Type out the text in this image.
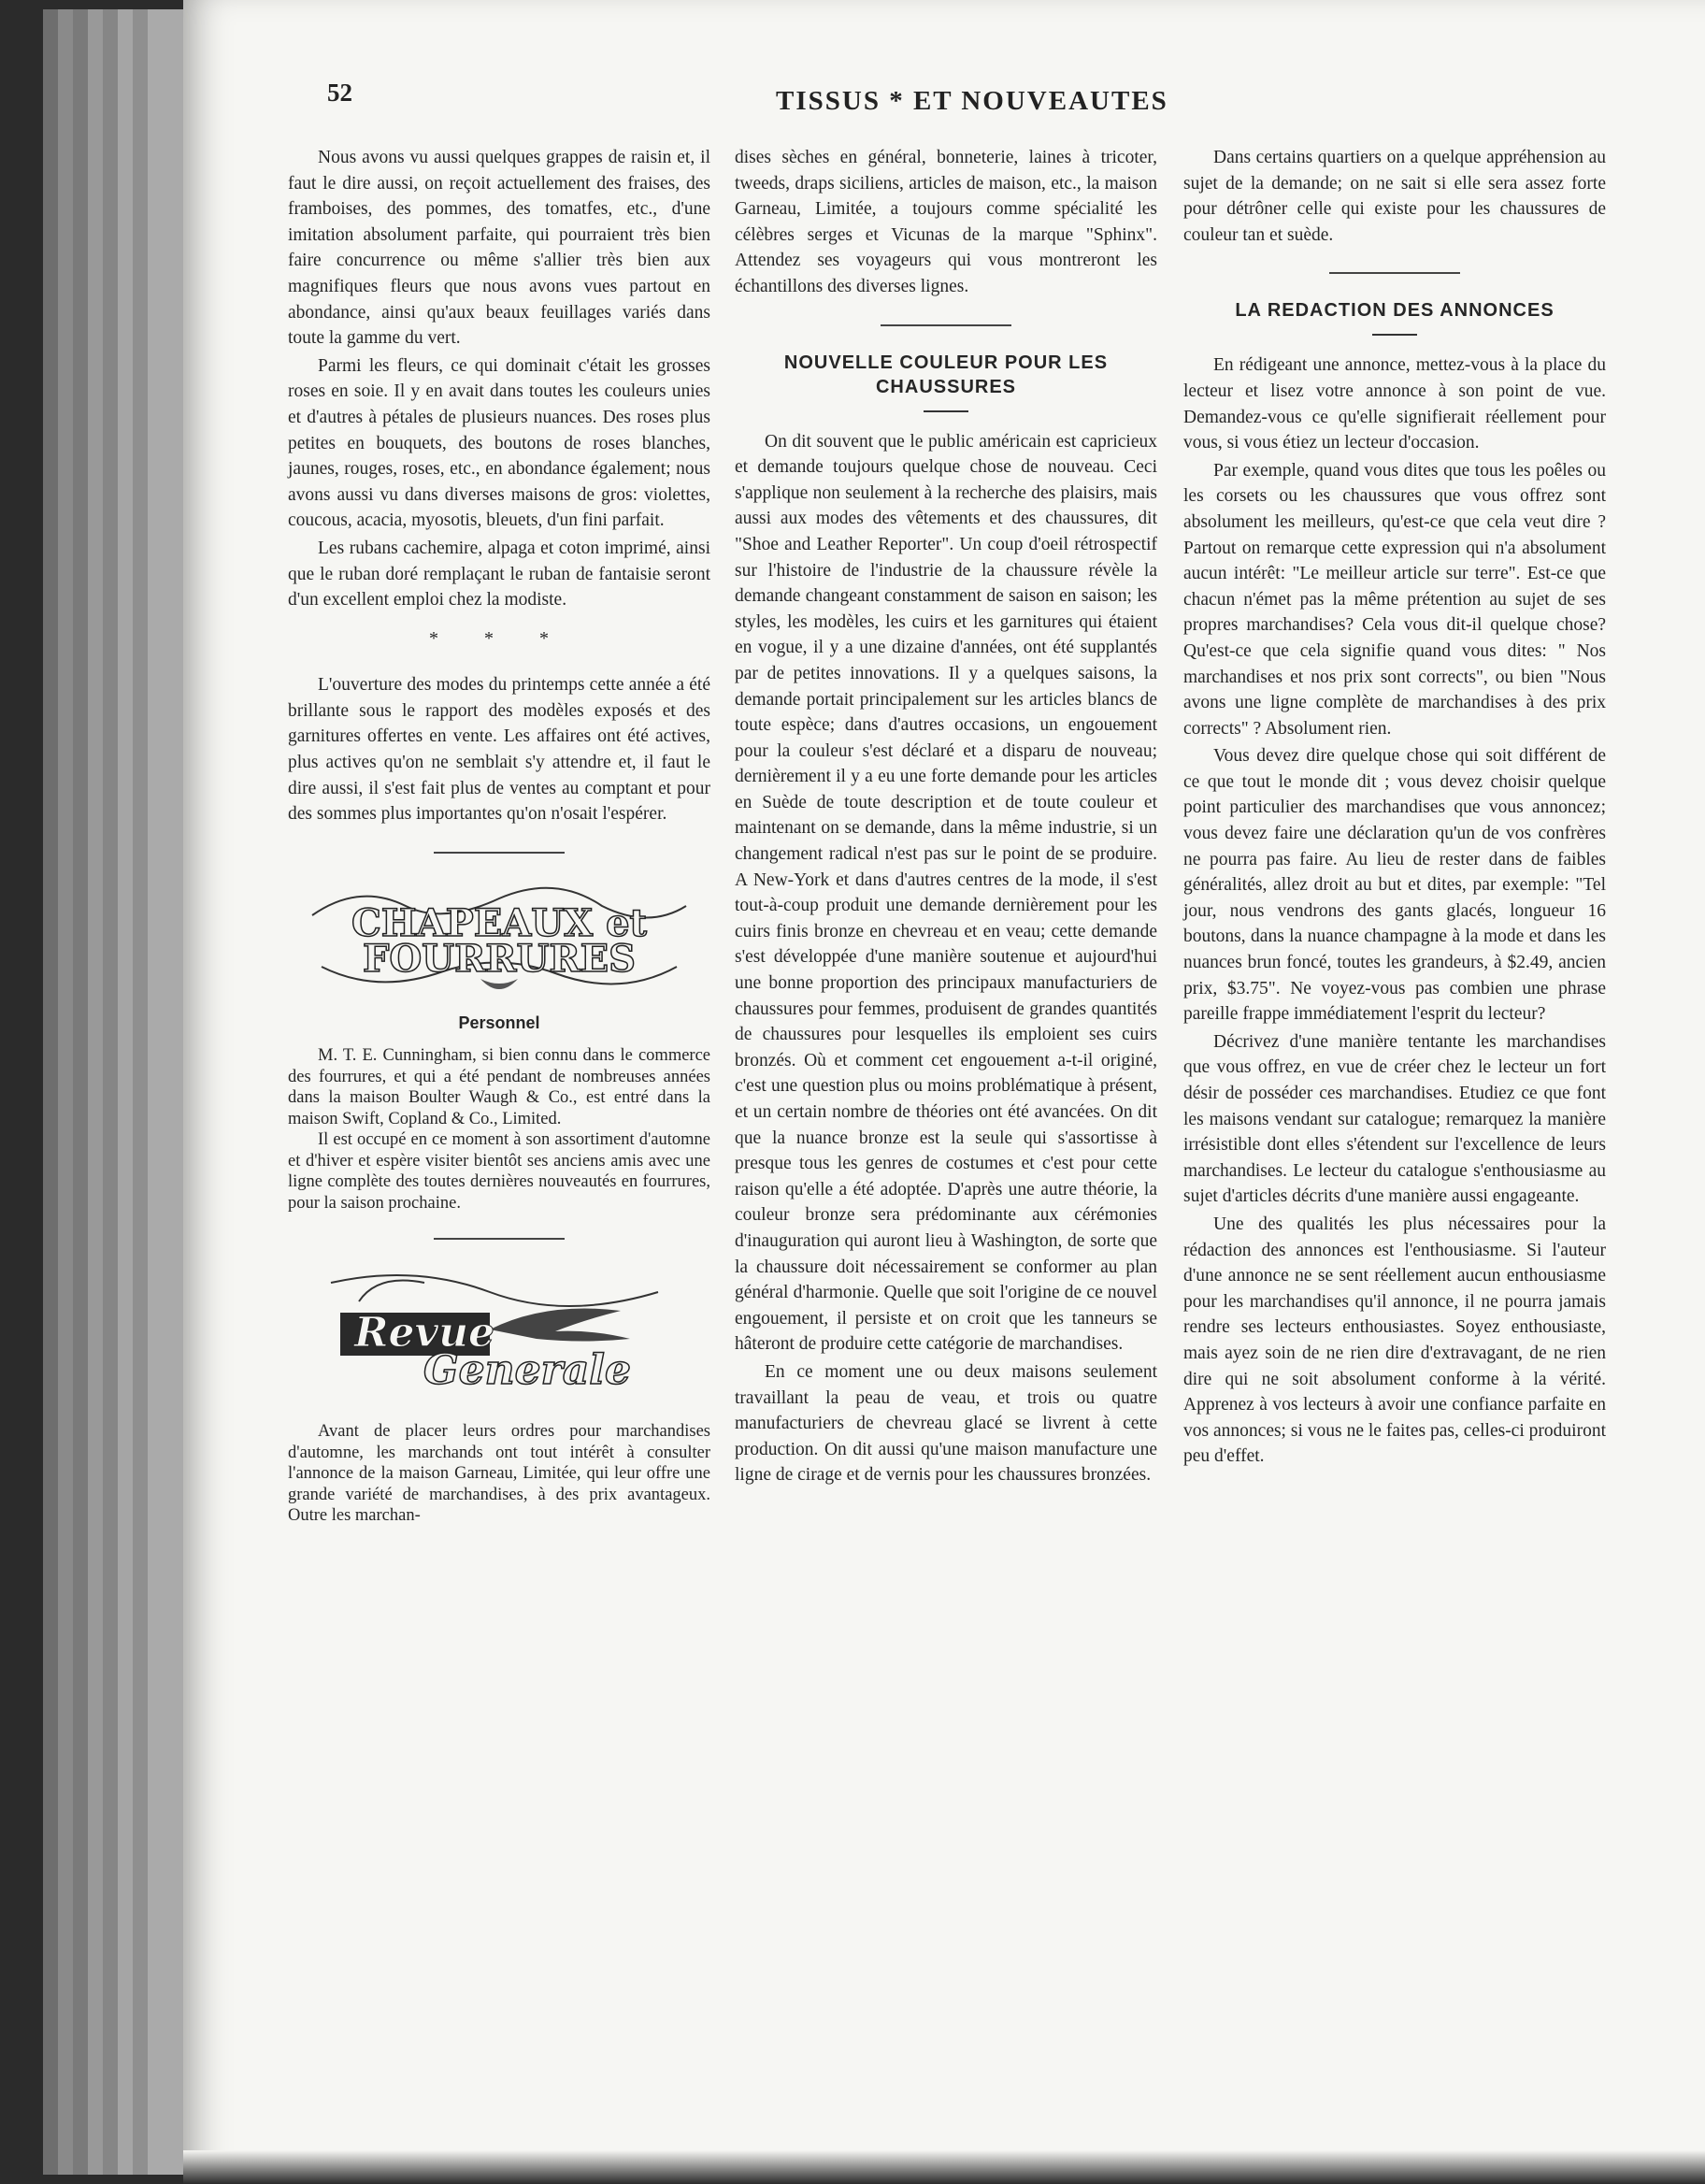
52	TISSUS * ET NOUVEAUTES

Nous avons vu aussi quelques grappes de raisin et, il faut le dire aussi, on reçoit actuellement des fraises, des framboises, des pommes, des tomatfes, etc., d'une imitation absolument parfaite, qui pourraient très bien faire concurrence ou même s'allier très bien aux magnifiques fleurs que nous avons vues partout en abondance, ainsi qu'aux beaux feuillages variés dans toute la gamme du vert.

Parmi les fleurs, ce qui dominait c'était les grosses roses en soie. Il y en avait dans toutes les couleurs unies et d'autres à pétales de plusieurs nuances. Des roses plus petites en bouquets, des boutons de roses blanches, jaunes, rouges, roses, etc., en abondance également; nous avons aussi vu dans diverses maisons de gros: violettes, coucous, acacia, myosotis, bleuets, d'un fini parfait.

Les rubans cachemire, alpaga et coton imprimé, ainsi que le ruban doré remplaçant le ruban de fantaisie seront d'un excellent emploi chez la modiste.

* * *

L'ouverture des modes du printemps cette année a été brillante sous le rapport des modèles exposés et des garnitures offertes en vente. Les affaires ont été actives, plus actives qu'on ne semblait s'y attendre et, il faut le dire aussi, il s'est fait plus de ventes au comptant et pour des sommes plus importantes qu'on n'osait l'espérer.

CHAPEAUX et
FOURRURES
Personnel

M. T. E. Cunningham, si bien connu dans le commerce des fourrures, et qui a été pendant de nombreuses années dans la maison Boulter Waugh & Co., est entré dans la maison Swift, Copland & Co., Limited.

Il est occupé en ce moment à son assortiment d'automne et d'hiver et espère visiter bientôt ses anciens amis avec une ligne complète des toutes dernières nouveautés en fourrures, pour la saison prochaine.

Revue
Generale

Avant de placer leurs ordres pour marchandises d'automne, les marchands ont tout intérêt à consulter l'annonce de la maison Garneau, Limitée, qui leur offre une grande variété de marchandises, à des prix avantageux. Outre les marchan-

dises sèches en général, bonneterie, laines à tricoter, tweeds, draps siciliens, articles de maison, etc., la maison Garneau, Limitée, a toujours comme spécialité les célèbres serges et Vicunas de la marque "Sphinx". Attendez ses voyageurs qui vous montreront les échantillons des diverses lignes.

NOUVELLE COULEUR POUR LES CHAUSSURES

On dit souvent que le public américain est capricieux et demande toujours quelque chose de nouveau. Ceci s'applique non seulement à la recherche des plaisirs, mais aussi aux modes des vêtements et des chaussures, dit "Shoe and Leather Reporter". Un coup d'oeil rétrospectif sur l'histoire de l'industrie de la chaussure révèle la demande changeant constamment de saison en saison; les styles, les modèles, les cuirs et les garnitures qui étaient en vogue, il y a une dizaine d'années, ont été supplantés par de petites innovations. Il y a quelques saisons, la demande portait principalement sur les articles blancs de toute espèce; dans d'autres occasions, un engouement pour la couleur s'est déclaré et a disparu de nouveau; dernièrement il y a eu une forte demande pour les articles en Suède de toute description et de toute couleur et maintenant on se demande, dans la même industrie, si un changement radical n'est pas sur le point de se produire. A New-York et dans d'autres centres de la mode, il s'est tout-à-coup produit une demande dernièrement pour les cuirs finis bronze en chevreau et en veau; cette demande s'est développée d'une manière soutenue et aujourd'hui une bonne proportion des principaux manufacturiers de chaussures pour femmes, produisent de grandes quantités de chaussures pour lesquelles ils emploient ses cuirs bronzés. Où et comment cet engouement a-t-il originé, c'est une question plus ou moins problématique à présent, et un certain nombre de théories ont été avancées. On dit que la nuance bronze est la seule qui s'assortisse à presque tous les genres de costumes et c'est pour cette raison qu'elle a été adoptée. D'après une autre théorie, la couleur bronze sera prédominante aux cérémonies d'inauguration qui auront lieu à Washington, de sorte que la chaussure doit nécessairement se conformer au plan général d'harmonie. Quelle que soit l'origine de ce nouvel engouement, il persiste et on croit que les tanneurs se hâteront de produire cette catégorie de marchandises.

En ce moment une ou deux maisons seulement travaillant la peau de veau, et trois ou quatre manufacturiers de chevreau glacé se livrent à cette production. On dit aussi qu'une maison manufacture une ligne de cirage et de vernis pour les chaussures bronzées.

Dans certains quartiers on a quelque appréhension au sujet de la demande; on ne sait si elle sera assez forte pour détrôner celle qui existe pour les chaussures de couleur tan et suède.

LA REDACTION DES ANNONCES

En rédigeant une annonce, mettez-vous à la place du lecteur et lisez votre annonce à son point de vue. Demandez-vous ce qu'elle signifierait réellement pour vous, si vous étiez un lecteur d'occasion.

Par exemple, quand vous dites que tous les poêles ou les corsets ou les chaussures que vous offrez sont absolument les meilleurs, qu'est-ce que cela veut dire ? Partout on remarque cette expression qui n'a absolument aucun intérêt: "Le meilleur article sur terre". Est-ce que chacun n'émet pas la même prétention au sujet de ses propres marchandises? Cela vous dit-il quelque chose? Qu'est-ce que cela signifie quand vous dites: " Nos marchandises et nos prix sont corrects", ou bien "Nous avons une ligne complète de marchandises à des prix corrects" ? Absolument rien.

Vous devez dire quelque chose qui soit différent de ce que tout le monde dit ; vous devez choisir quelque point particulier des marchandises que vous annoncez; vous devez faire une déclaration qu'un de vos confrères ne pourra pas faire. Au lieu de rester dans de faibles généralités, allez droit au but et dites, par exemple: "Tel jour, nous vendrons des gants glacés, longueur 16 boutons, dans la nuance champagne à la mode et dans les nuances brun foncé, toutes les grandeurs, à $2.49, ancien prix, $3.75". Ne voyez-vous pas combien une phrase pareille frappe immédiatement l'esprit du lecteur?

Décrivez d'une manière tentante les marchandises que vous offrez, en vue de créer chez le lecteur un fort désir de posséder ces marchandises. Etudiez ce que font les maisons vendant sur catalogue; remarquez la manière irrésistible dont elles s'étendent sur l'excellence de leurs marchandises. Le lecteur du catalogue s'enthousiasme au sujet d'articles décrits d'une manière aussi engageante.

Une des qualités les plus nécessaires pour la rédaction des annonces est l'enthousiasme. Si l'auteur d'une annonce ne se sent réellement aucun enthousiasme pour les marchandises qu'il annonce, il ne pourra jamais rendre ses lecteurs enthousiastes. Soyez enthousiaste, mais ayez soin de ne rien dire d'extravagant, de ne rien dire qui ne soit absolument conforme à la vérité. Apprenez à vos lecteurs à avoir une confiance parfaite en vos annonces; si vous ne le faites pas, celles-ci produiront peu d'effet.
